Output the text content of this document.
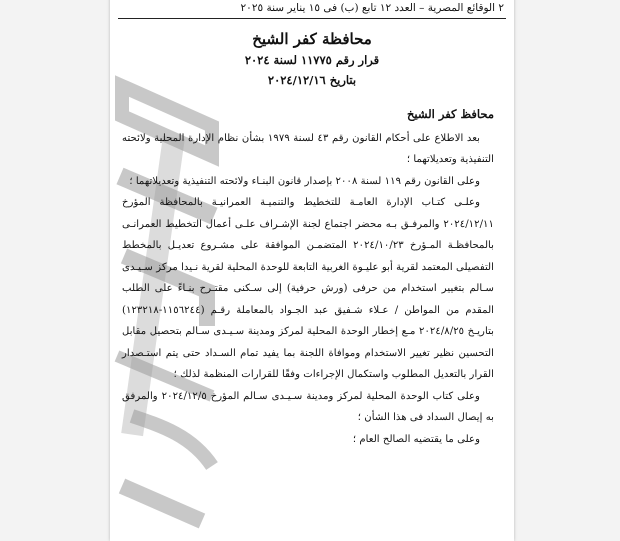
٢ الوقائع المصرية – العدد ١٢ تابع (ب) فى ١٥ يناير سنة ٢٠٢٥

محافظة كفر الشيخ

قرار رقم ١١٧٧٥ لسنة ٢٠٢٤

بتاريخ ٢٠٢٤/١٢/١٦

محافظ كفر الشيخ

بعد الاطلاع على أحكام القانون رقم ٤٣ لسنة ١٩٧٩ بشأن نظام الإدارة المحلية ولائحته التنفيذية وتعديلاتهما ؛

وعلى القانون رقم ١١٩ لسنة ٢٠٠٨ بإصدار قانون البنـاء ولائحته التنفيذية وتعديلاتهما ؛

وعلـى كتـاب الإدارة العامـة للتخطيط والتنميـة العمرانيـة بالمحافظة المؤرخ ٢٠٢٤/١٢/١١ والمرفـق بـه محضر اجتماع لجنة الإشـراف علـى أعمال التخطيط العمرانـى بالمحافظـة المـؤرخ ٢٠٢٤/١٠/٢٣ المتضمـن الموافقة على مشـروع تعديـل بالمخطط التفصيلى المعتمد لقرية أبو عليـوة الغربية التابعة للوحدة المحلية لقرية نـيدا مركز سـيـدى سـالم بتغيير استخدام من حرفى (ورش حرفية) إلى سـكنى مقتـرح بنـاءً على الطلب المقدم من المواطن / عـلاء شـفيق عبد الجـواد بالمعاملة رقـم (١١٥٦٢٤٤-١٢٣٢١٨) بتاريـخ ٢٠٢٤/٨/٢٥ مـع إخطار الوحدة المحلية لمركز ومدينة سـيـدى سـالم بتحصيل مقابل التحسين نظير تغيير الاستخدام وموافاة اللجنة بما يفيد تمام السـداد حتى يتم استـصدار القرار بالتعديل المطلوب واستكمال الإجراءات وفقًا للقرارات المنظمة لذلك ؛

وعلى كتاب الوحدة المحلية لمركز ومدينة سـيـدى سـالم المؤرخ ٢٠٢٤/١٢/٥ والمرفق به إيصال السداد فى هذا الشأن ؛

وعلى ما يقتضيه الصالح العام ؛
